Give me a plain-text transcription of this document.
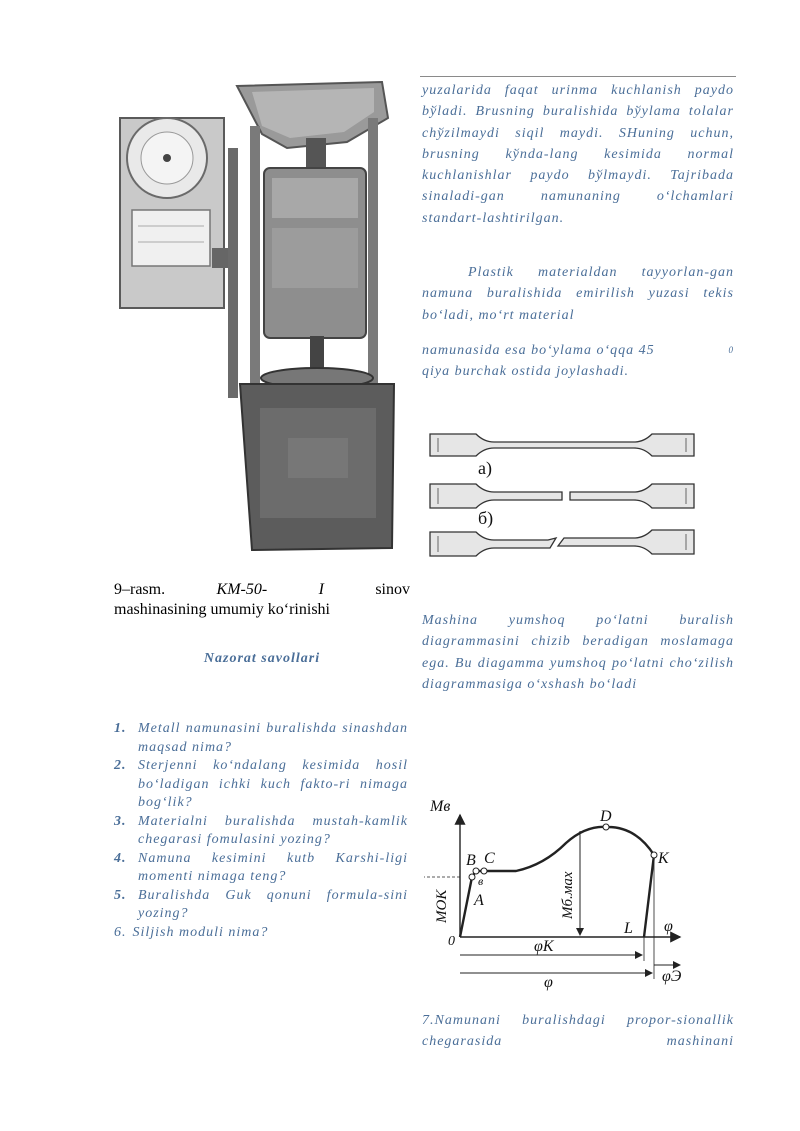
9–rasm.	KM-50-	I	sinov
mashinasining umumiy ko‘rinishi
Nazorat savollari
1. Metall namunasini buralishda sinashdan maqsad nima?
2. Sterjenni ko‘ndalang kesimida hosil bo‘ladigan ichki kuch fakto-ri nimaga bog‘lik?
3. Materialni buralishda mustah-kamlik chegarasi fomulasini yozing?
4. Namuna kesimini kutb Karshi-ligi momenti nimaga teng?
5. Buralishda Guk qonuni formula-sini yozing?
6. Siljish moduli nima?
yuzalarida faqat urinma kuchlanish paydo bўladi. Brusning buralishida bўylama tolalar chўzilmaydi siqil maydi. SHuning uchun, brusning kўnda-lang kesimida normal kuchlanishlar paydo bўlmaydi. Tajribada sinaladi-gan namunaning o‘lchamlari standart-lashtirilgan.
Plastik materialdan tayyorlan-gan namuna buralishida emirilish yuzasi tekis bo‘ladi, mo‘rt material
namunasida esa bo‘ylama o‘qqa 45	0
qiya burchak ostida joylashadi.
а)
б)
Mashina yumshoq po‘latni buralish diagrammasini chizib beradigan moslamaga ega. Bu diagamma yumshoq po‘latni cho‘zilish diagrammasiga o‘xshash bo‘ladi
Mв
B C
в
A
D
K
L
0
φ
φК
φ	φЭ
MОК	Mб.мах
7.Namunani buralishdagi propor-sionallik chegarasida mashinani
